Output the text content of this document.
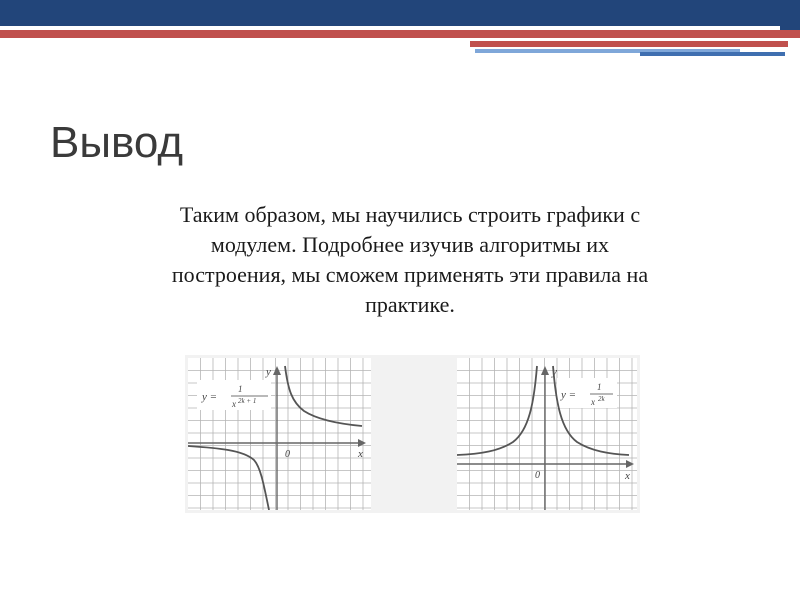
Вывод

Таким образом, мы научились строить графики с
модулем. Подробнее изучив алгоритмы их
построения, мы сможем применять эти правила на
практике.

y =
1
x 2k + 1
x
y
0
y =
1
x 2k
x
y
0
